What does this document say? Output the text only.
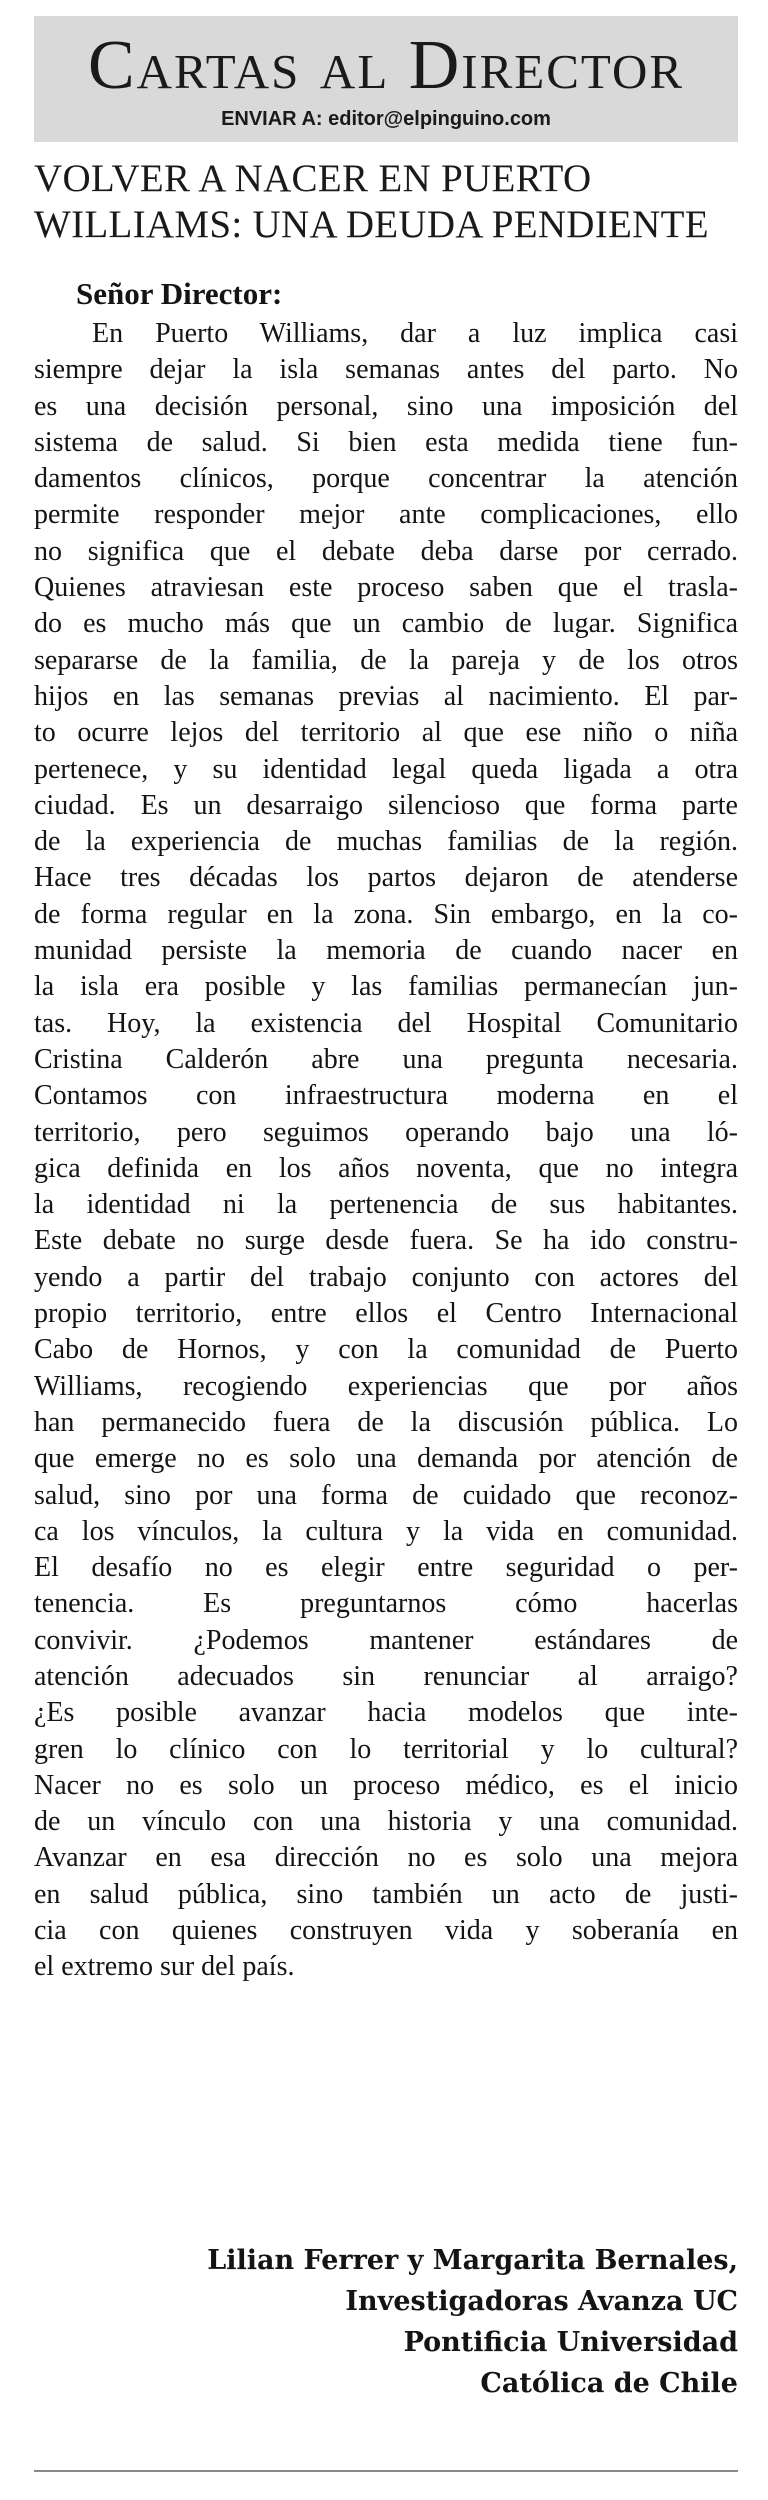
Cartas al Director
ENVIAR A: editor@elpinguino.com
VOLVER A NACER EN PUERTO
WILLIAMS: UNA DEUDA PENDIENTE
Señor Director:
En Puerto Williams, dar a luz implica casi
siempre dejar la isla semanas antes del parto. No
es una decisión personal, sino una imposición del
sistema de salud. Si bien esta medida tiene fun-
damentos clínicos, porque concentrar la atención
permite responder mejor ante complicaciones, ello
no significa que el debate deba darse por cerrado.
Quienes atraviesan este proceso saben que el trasla-
do es mucho más que un cambio de lugar. Significa
separarse de la familia, de la pareja y de los otros
hijos en las semanas previas al nacimiento. El par-
to ocurre lejos del territorio al que ese niño o niña
pertenece, y su identidad legal queda ligada a otra
ciudad. Es un desarraigo silencioso que forma parte
de la experiencia de muchas familias de la región.
Hace tres décadas los partos dejaron de atenderse
de forma regular en la zona. Sin embargo, en la co-
munidad persiste la memoria de cuando nacer en
la isla era posible y las familias permanecían jun-
tas. Hoy, la existencia del Hospital Comunitario
Cristina Calderón abre una pregunta necesaria.
Contamos con infraestructura moderna en el
territorio, pero seguimos operando bajo una ló-
gica definida en los años noventa, que no integra
la identidad ni la pertenencia de sus habitantes.
Este debate no surge desde fuera. Se ha ido constru-
yendo a partir del trabajo conjunto con actores del
propio territorio, entre ellos el Centro Internacional
Cabo de Hornos, y con la comunidad de Puerto
Williams, recogiendo experiencias que por años
han permanecido fuera de la discusión pública. Lo
que emerge no es solo una demanda por atención de
salud, sino por una forma de cuidado que reconoz-
ca los vínculos, la cultura y la vida en comunidad.
El desafío no es elegir entre seguridad o per-
tenencia. Es preguntarnos cómo hacerlas
convivir. ¿Podemos mantener estándares de
atención adecuados sin renunciar al arraigo?
¿Es posible avanzar hacia modelos que inte-
gren lo clínico con lo territorial y lo cultural?
Nacer no es solo un proceso médico, es el inicio
de un vínculo con una historia y una comunidad.
Avanzar en esa dirección no es solo una mejora
en salud pública, sino también un acto de justi-
cia con quienes construyen vida y soberanía en
el extremo sur del país.
Lilian Ferrer y Margarita Bernales,
Investigadoras Avanza UC
Pontificia Universidad
Católica de Chile
